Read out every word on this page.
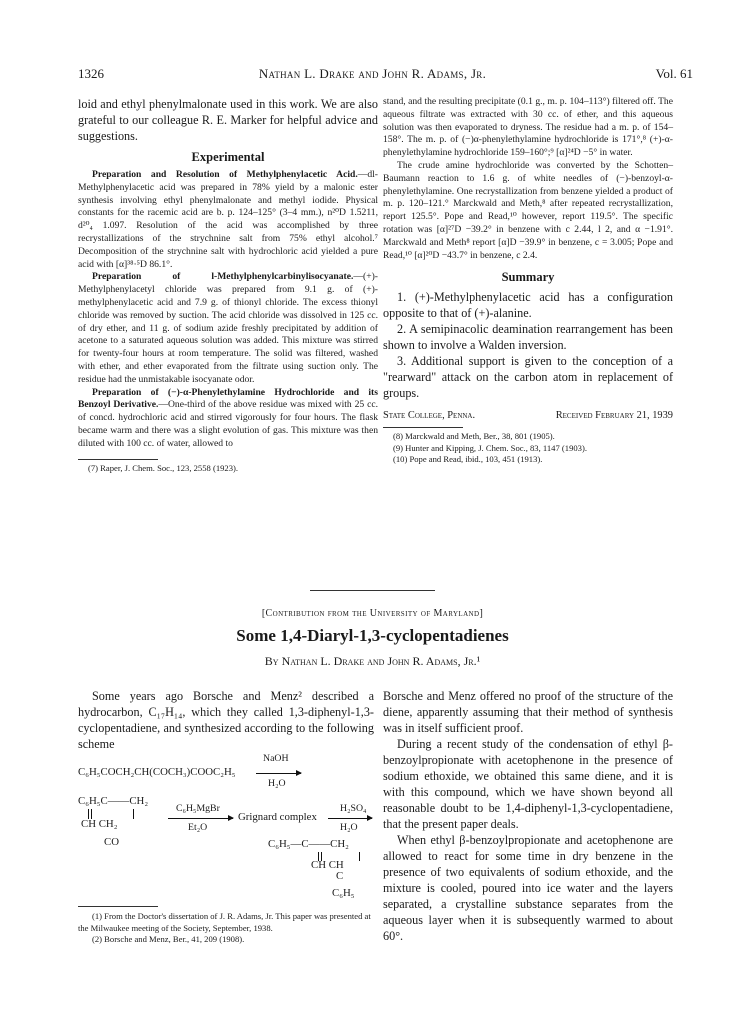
1326	Nathan L. Drake and John R. Adams, Jr.	Vol. 61

loid and ethyl phenylmalonate used in this work. We are also grateful to our colleague R. E. Marker for helpful advice and suggestions.

Experimental

Preparation and Resolution of Methylphenylacetic Acid.—dl-Methylphenylacetic acid was prepared in 78% yield by a malonic ester synthesis involving ethyl phenylmalonate and methyl iodide. Physical constants for the racemic acid are b. p. 124–125° (3–4 mm.), n²⁰D 1.5211, d²⁰₄ 1.097. Resolution of the acid was accomplished by three recrystallizations of the strychnine salt from 75% ethyl alcohol.⁷ Decomposition of the strychnine salt with hydrochloric acid yielded a pure acid with [α]³⁸·⁵D 86.1°.

Preparation of l-Methylphenylcarbinylisocyanate.—(+)-Methylphenylacetyl chloride was prepared from 9.1 g. of (+)-methylphenylacetic acid and 7.9 g. of thionyl chloride. The excess thionyl chloride was removed by suction. The acid chloride was dissolved in 125 cc. of dry ether, and 11 g. of sodium azide freshly precipitated by addition of acetone to a saturated aqueous solution was added. This mixture was stirred for twenty-four hours at room temperature. The solid was filtered, washed with ether, and ether evaporated from the filtrate using suction only. The residue had the unmistakable isocyanate odor.

Preparation of (−)-α-Phenylethylamine Hydrochloride and its Benzoyl Derivative.—One-third of the above residue was mixed with 25 cc. of concd. hydrochloric acid and stirred vigorously for four hours. The flask became warm and there was a slight evolution of gas. This mixture was then diluted with 100 cc. of water, allowed to

(7) Raper, J. Chem. Soc., 123, 2558 (1923).

stand, and the resulting precipitate (0.1 g., m. p. 104–113°) filtered off. The aqueous filtrate was extracted with 30 cc. of ether, and this aqueous solution was then evaporated to dryness. The residue had a m. p. of 154–158°. The m. p. of (−)α-phenylethylamine hydrochloride is 171°,⁸ (+)-α-phenylethylamine hydrochloride 159–160°;⁹ [α]²⁴D −5° in water.

The crude amine hydrochloride was converted by the Schotten–Baumann reaction to 1.6 g. of white needles of (−)-benzoyl-α-phenylethylamine. One recrystallization from benzene yielded a product of m. p. 120–121.° Marckwald and Meth,⁸ after repeated recrystallization, report 125.5°. Pope and Read,¹⁰ however, report 119.5°. The specific rotation was [α]²⁷D −39.2° in benzene with c 2.44, l 2, and α −1.91°. Marckwald and Meth⁸ report [α]D −39.9° in benzene, c = 3.005; Pope and Read,¹⁰ [α]²⁰D −43.7° in benzene, c 2.4.

Summary

1. (+)-Methylphenylacetic acid has a configuration opposite to that of (+)-alanine.

2. A semipinacolic deamination rearrangement has been shown to involve a Walden inversion.

3. Additional support is given to the conception of a "rearward" attack on the carbon atom in replacement of groups.

State College, Penna.	Received February 21, 1939

(8) Marckwald and Meth, Ber., 38, 801 (1905).

(9) Hunter and Kipping, J. Chem. Soc., 83, 1147 (1903).

(10) Pope and Read, ibid., 103, 451 (1913).

[Contribution from the University of Maryland]
Some 1,4-Diaryl-1,3-cyclopentadienes
By Nathan L. Drake and John R. Adams, Jr.¹

Some years ago Borsche and Menz² described a hydrocarbon, C₁₇H₁₄, which they called 1,3-diphenyl-1,3-cyclopentadiene, and synthesized according to the following scheme

NaOH
C₆H₅COCH₂CH(COCH₃)COOC₂H₅
H₂O
C₆H₅C——CH₂
CH CH₂
CO
C₆H₅MgBr
Et₂O
Grignard complex
H₂SO₄
H₂O
C₆H₅—C——CH₂
CH CH
C
C₆H₅

(1) From the Doctor's dissertation of J. R. Adams, Jr. This paper was presented at the Milwaukee meeting of the Society, September, 1938.

(2) Borsche and Menz, Ber., 41, 209 (1908).

Borsche and Menz offered no proof of the structure of the diene, apparently assuming that their method of synthesis was in itself sufficient proof.

During a recent study of the condensation of ethyl β-benzoylpropionate with acetophenone in the presence of sodium ethoxide, we obtained this same diene, and it is with this compound, which we have shown beyond all reasonable doubt to be 1,4-diphenyl-1,3-cyclopentadiene, that the present paper deals.

When ethyl β-benzoylpropionate and acetophenone are allowed to react for some time in dry benzene in the presence of two equivalents of sodium ethoxide, and the mixture is cooled, poured into ice water and the layers separated, a crystalline substance separates from the aqueous layer when it is subsequently warmed to about 60°.
